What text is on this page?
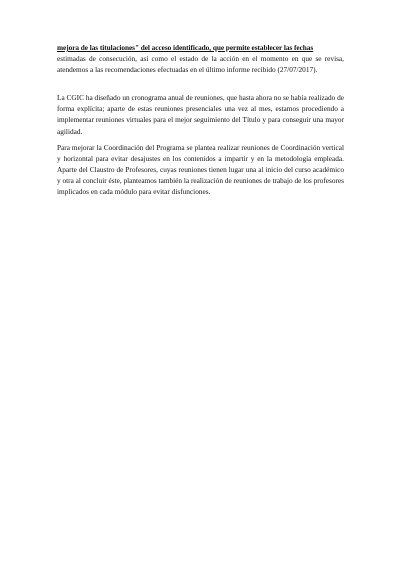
mejora de las titulaciones" del acceso identificado, que permite establecer las fechas

estimadas de consecución, así como el estado de la acción en el momento en que se revisa, atendemos a las recomendaciones efectuadas en el último informe recibido (27/07/2017).

La CGIC ha diseñado un cronograma anual de reuniones, que hasta ahora no se había realizado de forma explícita; aparte de estas reuniones presenciales una vez al mes, estamos procediendo a implementar reuniones virtuales para el mejor seguimiento del Título y para conseguir una mayor agilidad.

Para mejorar la Coordinación del Programa se plantea realizar reuniones de Coordinación vertical y horizontal para evitar desajustes en los contenidos a impartir y en la metodología empleada. Aparte del Claustro de Profesores, cuyas reuniones tienen lugar una al inicio del curso académico y otra al concluir éste, planteamos también la realización de reuniones de trabajo de los profesores implicados en cada módulo para evitar disfunciones.
